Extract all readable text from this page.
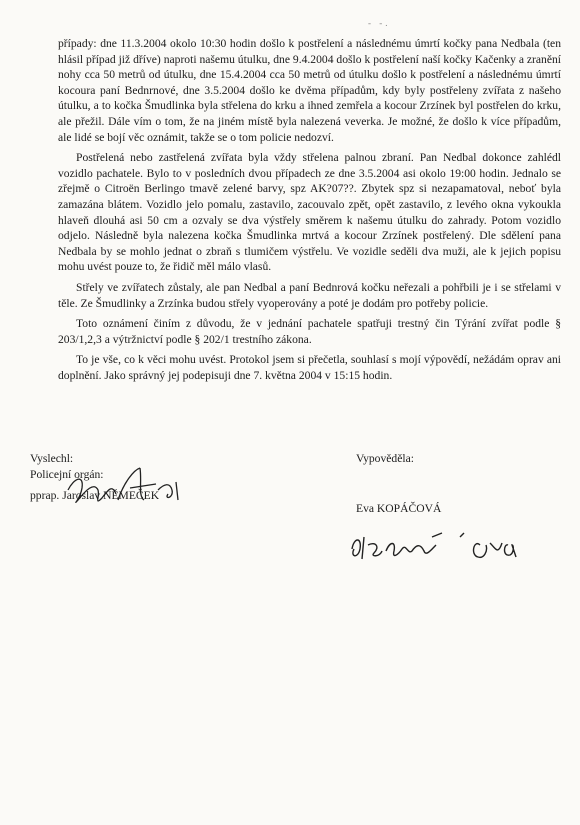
- -.

případy: dne 11.3.2004 okolo 10:30 hodin došlo k postřelení a následnému úmrtí kočky pana Nedbala (ten hlásil případ již dříve) naproti našemu útulku, dne 9.4.2004 došlo k postřelení naší kočky Kačenky a zranění nohy cca 50 metrů od útulku, dne 15.4.2004 cca 50 metrů od útulku došlo k postřelení a následnému úmrtí kocoura paní Bednrnové, dne 3.5.2004 došlo ke dvěma případům, kdy byly postřeleny zvířata z našeho útulku, a to kočka Šmudlinka byla střelena do krku a ihned zemřela a kocour Zrzínek byl postřelen do krku, ale přežil. Dále vím o tom, že na jiném místě byla nalezená veverka. Je možné, že došlo k více případům, ale lidé se bojí věc oznámit, takže se o tom policie nedozví.

Postřelená nebo zastřelená zvířata byla vždy střelena palnou zbraní. Pan Nedbal dokonce zahlédl vozidlo pachatele. Bylo to v posledních dvou případech ze dne 3.5.2004 asi okolo 19:00 hodin. Jednalo se zřejmě o Citroën Berlingo tmavě zelené barvy, spz AK?07??. Zbytek spz si nezapamatoval, neboť byla zamazána blátem. Vozidlo jelo pomalu, zastavilo, zacouvalo zpět, opět zastavilo, z levého okna vykoukla hlaveň dlouhá asi 50 cm a ozvaly se dva výstřely směrem k našemu útulku do zahrady. Potom vozidlo odjelo. Následně byla nalezena kočka Šmudlinka mrtvá a kocour Zrzínek postřelený. Dle sdělení pana Nedbala by se mohlo jednat o zbraň s tlumičem výstřelu. Ve vozidle seděli dva muži, ale k jejich popisu mohu uvést pouze to, že řidič měl málo vlasů.

Střely ve zvířatech zůstaly, ale pan Nedbal a paní Bednrová kočku neřezali a pohřbili je i se střelami v těle. Ze Šmudlinky a Zrzínka budou střely vyoperovány a poté je dodám pro potřeby policie.

Toto oznámení činím z důvodu, že v jednání pachatele spatřuji trestný čin Týrání zvířat podle § 203/1,2,3 a výtržnictví podle § 202/1 trestního zákona.

To je vše, co k věci mohu uvést. Protokol jsem si přečetla, souhlasí s mojí výpovědí, nežádám oprav ani doplnění. Jako správný jej podepisuji dne 7. května 2004 v 15:15 hodin.

Vyslechl:
Policejní orgán:
pprap. Jaroslav NĚMEČEK
Vypověděla:
Eva KOPÁČOVÁ
